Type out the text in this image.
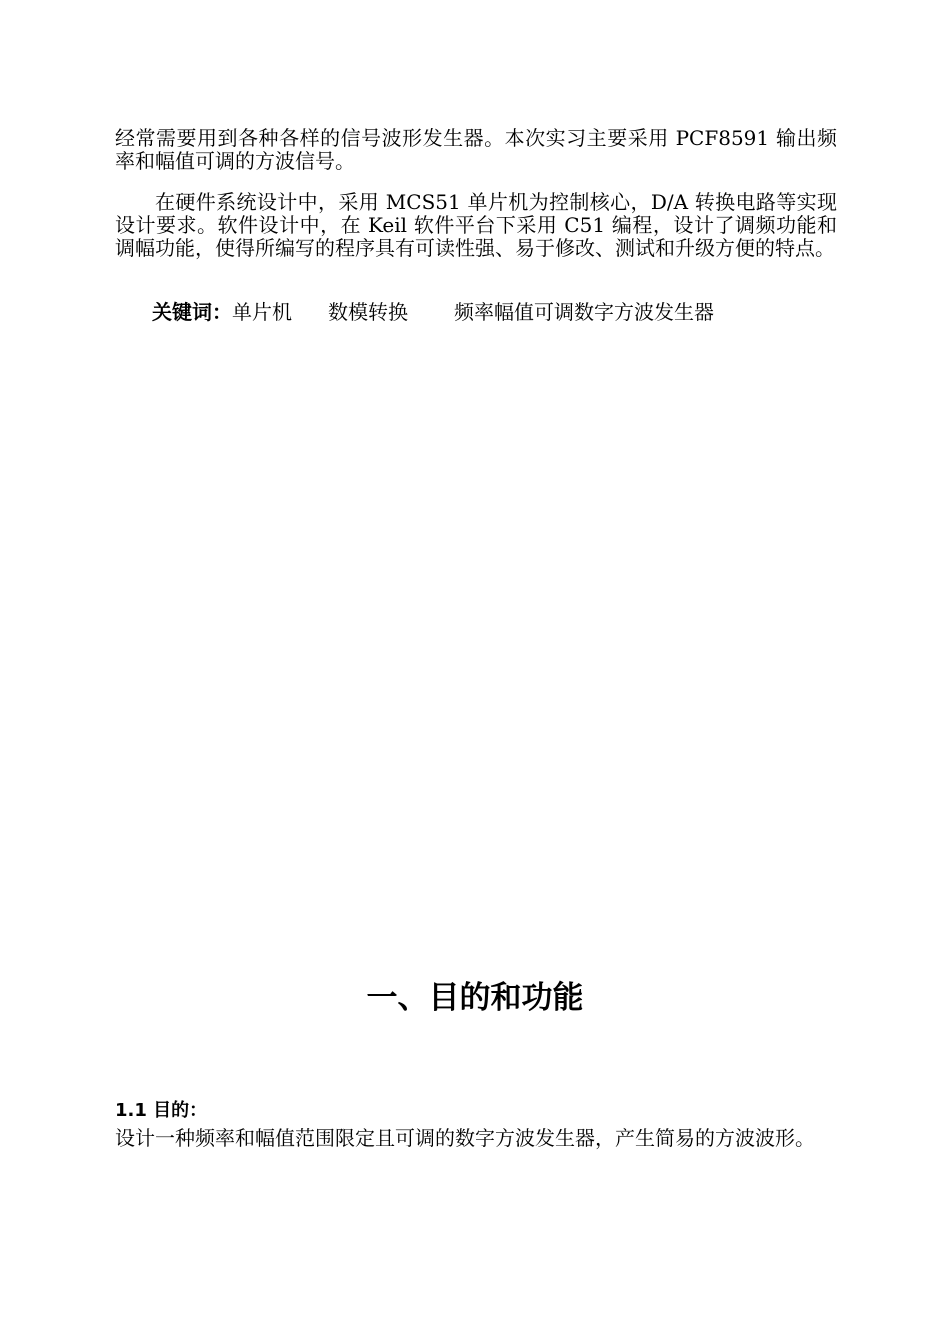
经常需要用到各种各样的信号波形发生器。本次实习主要采用 PCF8591 输出频率和幅值可调的方波信号。

在硬件系统设计中，采用 MCS51 单片机为控制核心，D/A 转换电路等实现设计要求。软件设计中，在 Keil 软件平台下采用 C51 编程，设计了调频功能和调幅功能，使得所编写的程序具有可读性强、易于修改、测试和升级方便的特点。

关键词：单片机 数模转换 频率幅值可调数字方波发生器

一、目的和功能
1.1 目的：

设计一种频率和幅值范围限定且可调的数字方波发生器，产生简易的方波波形。
